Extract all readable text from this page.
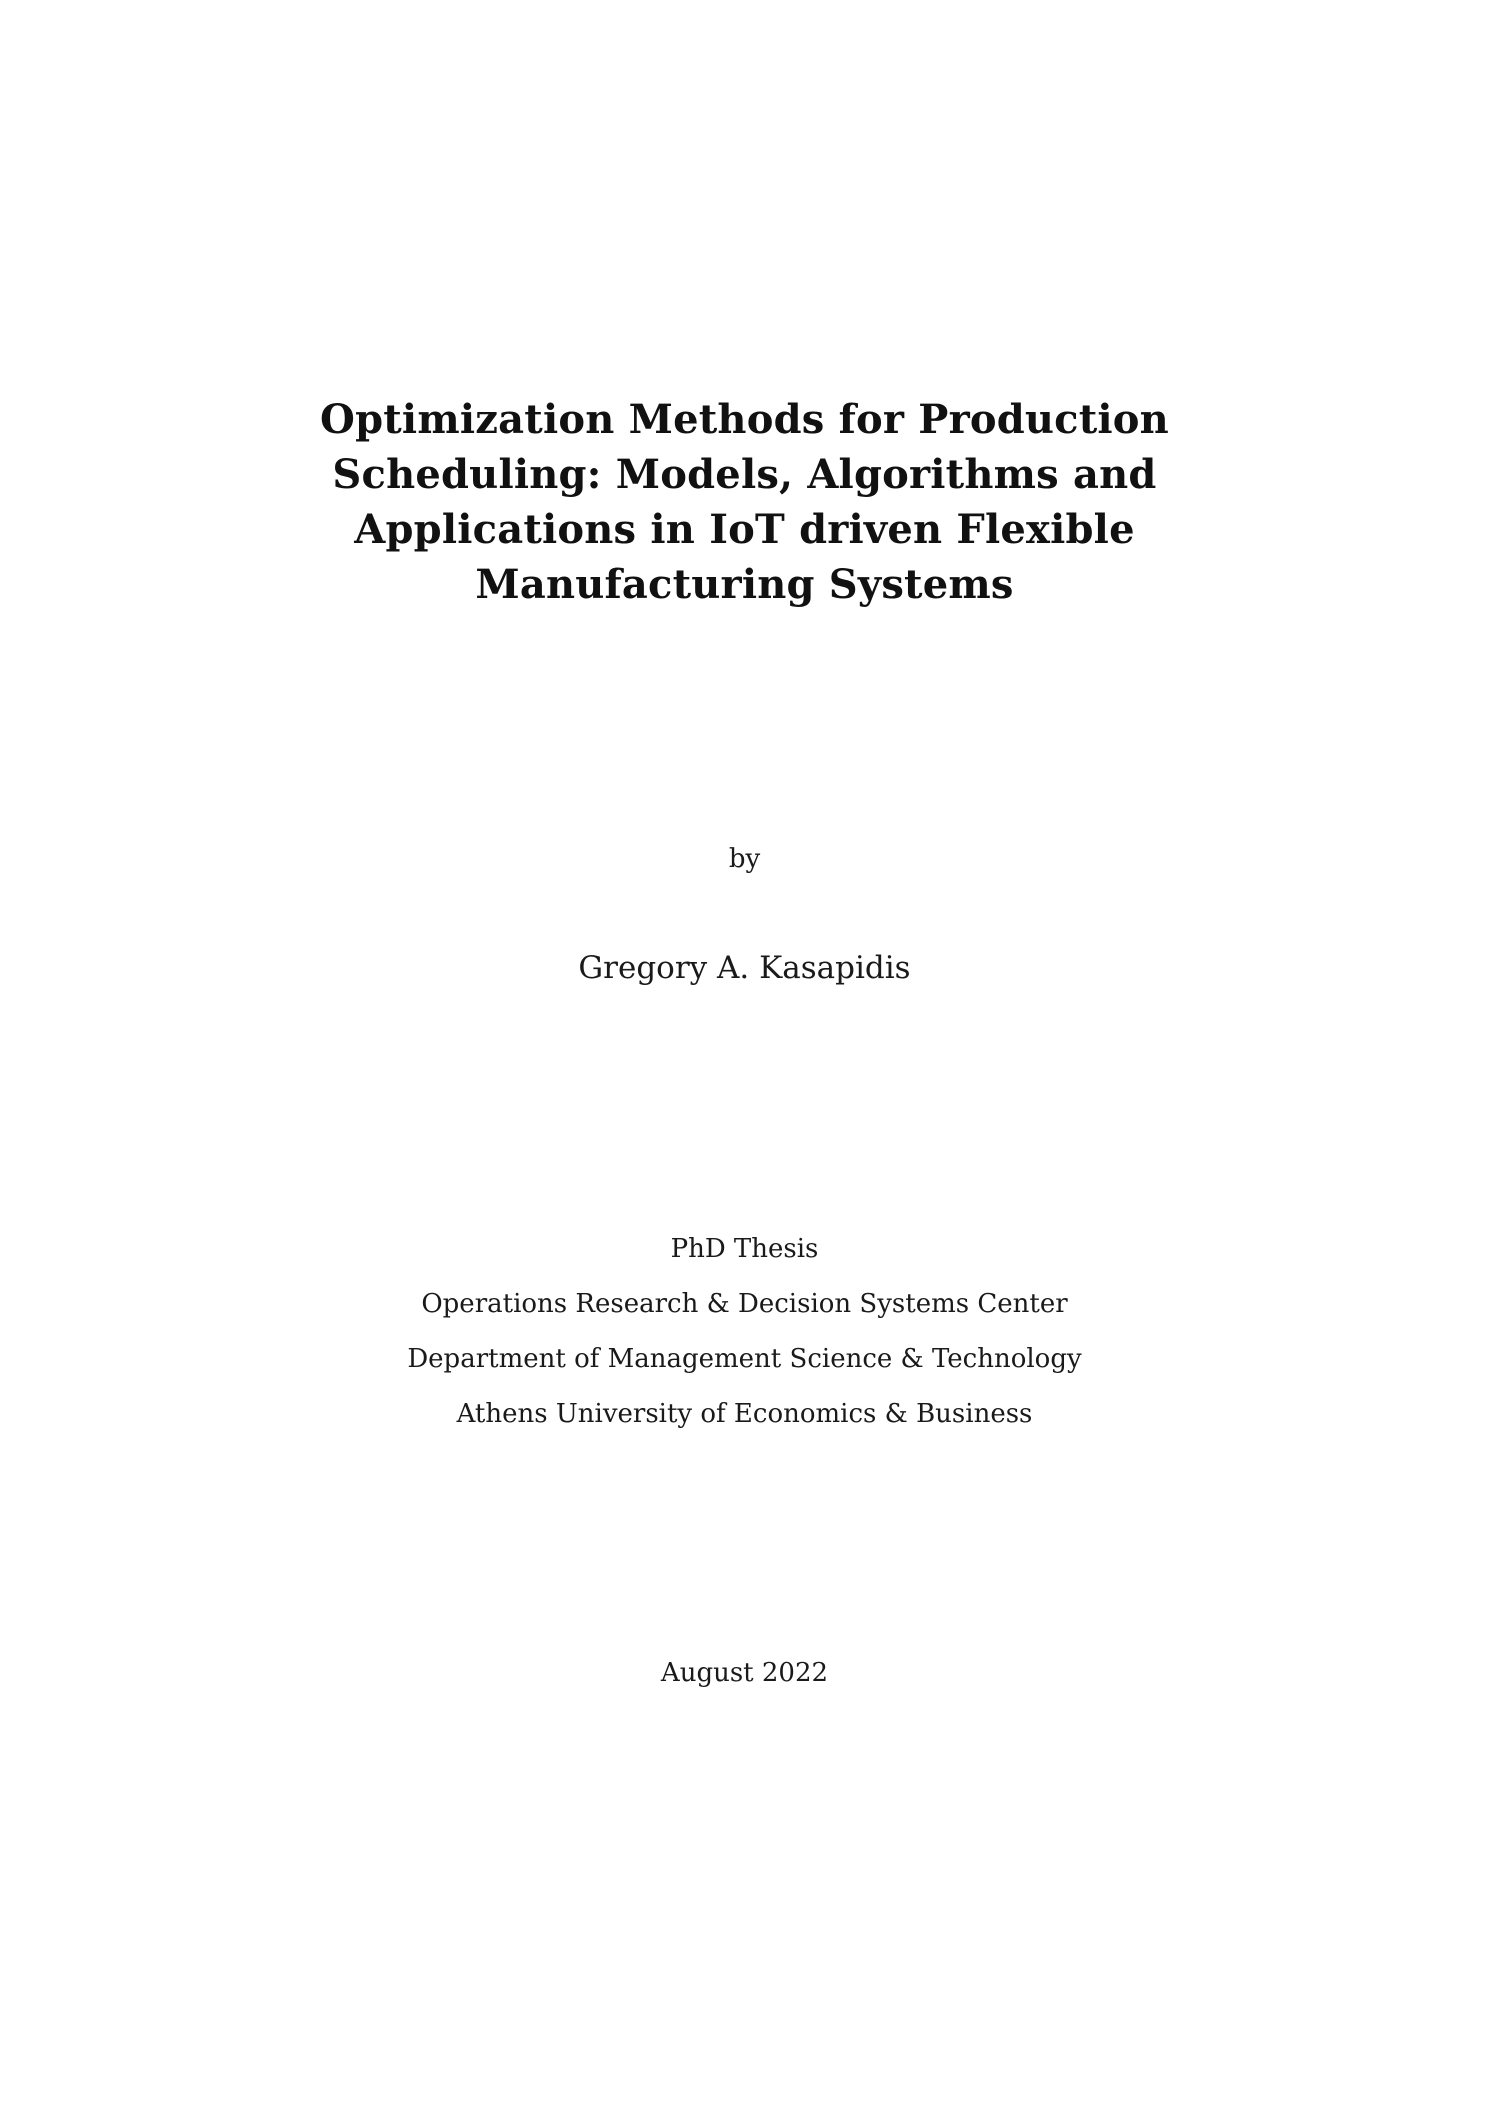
Optimization Methods for Production
Scheduling: Models, Algorithms and
Applications in IoT driven Flexible
Manufacturing Systems
by
Gregory A. Kasapidis
PhD Thesis
Operations Research & Decision Systems Center
Department of Management Science & Technology
Athens University of Economics & Business
August 2022
